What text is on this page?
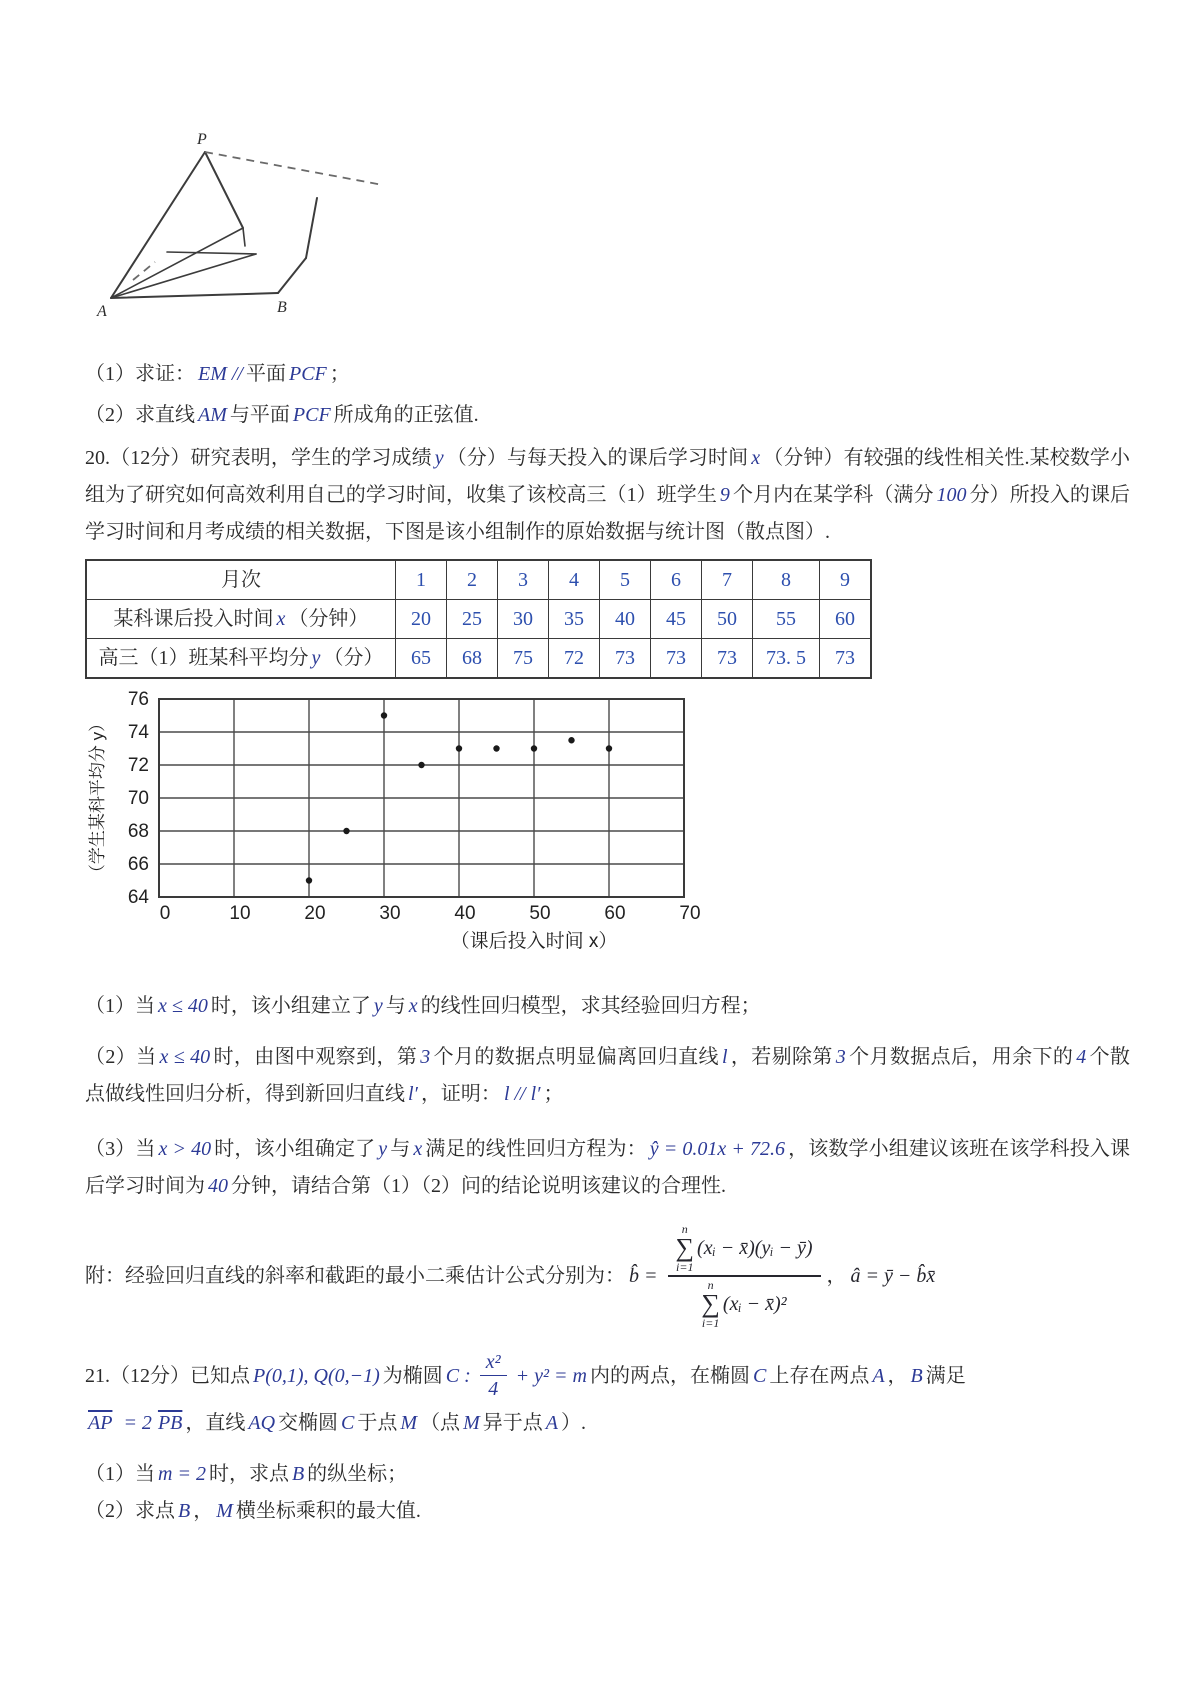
P
A	B
（1）求证： EM // 平面 PCF ；
（2）求直线 AM 与平面 PCF 所成角的正弦值.
20.（12分）研究表明，学生的学习成绩 y （分）与每天投入的课后学习时间 x （分钟）有较强的线性相关性.某校数学小组为了研究如何高效利用自己的学习时间，收集了该校高三（1）班学生 9 个月内在某学科（满分 100 分）所投入的课后学习时间和月考成绩的相关数据，下图是该小组制作的原始数据与统计图（散点图）.
月次	1	2	3	4	5	6	7	8	9
某科课后投入时间 x （分钟）	20	25	30	35	40	45	50	55	60
高三（1）班某科平均分 y （分）	65	68	75	72	73	73	73	73. 5	73
64
66
68
70
72
74
76
0	10	20	30	40	50	60	70
（学生某科平均分 y）
（课后投入时间 x）
（1）当 x ≤ 40 时，该小组建立了 y 与 x 的线性回归模型，求其经验回归方程；
（2）当 x ≤ 40 时，由图中观察到，第 3 个月的数据点明显偏离回归直线 l ，若剔除第 3 个月数据点后，用余下的 4 个散点做线性回归分析，得到新回归直线 l′ ，证明： l // l′ ；
（3）当 x > 40 时，该小组确定了 y 与 x 满足的线性回归方程为： ŷ = 0.01x + 72.6 ，该数学小组建议该班在该学科投入课后学习时间为 40 分钟，请结合第（1）（2）问的结论说明该建议的合理性.
附：经验回归直线的斜率和截距的最小二乘估计公式分别为： b̂ = n
∑
i=1
(xᵢ − x̄)(yᵢ − ȳ)
n
∑
i=1
(xᵢ − x̄)² ， â = ȳ − b̂x̄
21.（12分）已知点 P(0,1), Q(0,−1) 为椭圆 C : $\frac{\text{x²}}{4} + y^2 = m$ 内的两点，在椭圆 C 上存在两点 A ， B 满足
$\overline{AP} = 2$ $\overline{PB}$ ，直线 AQ 交椭圆 C 于点 M （点 M 异于点 A ）.
（1）当 m = 2 时，求点 B 的纵坐标；
（2）求点 B ， M 横坐标乘积的最大值.
